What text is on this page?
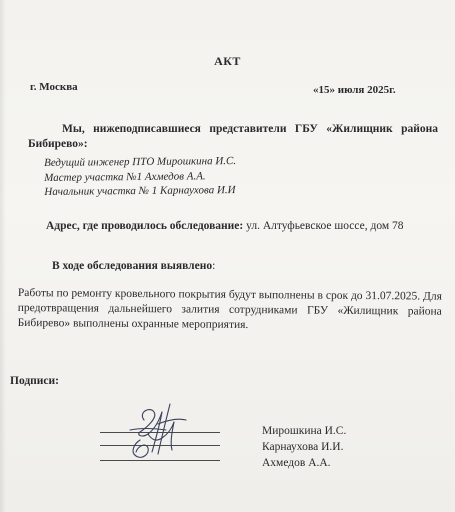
АКТ
г. Москва	«15» июля 2025г.
Мы, нижеподписавшиеся представители ГБУ «Жилищник района Бибирево»:
Ведущий инженер ПТО Мирошкина И.С.
Мастер участка №1 Ахмедов А.А.
Начальник участка № 1 Карнаухова И.И
Адрес, где проводилось обследование: ул. Алтуфьевское шоссе, дом 78
В ходе обследования выявлено:
Работы по ремонту кровельного покрытия будут выполнены в срок до 31.07.2025. Для предотвращения дальнейшего залития сотрудниками ГБУ «Жилищник района Бибирево» выполнены охранные мероприятия.
Подписи:
Мирошкина И.С.
Карнаухова И.И.
Ахмедов А.А.
